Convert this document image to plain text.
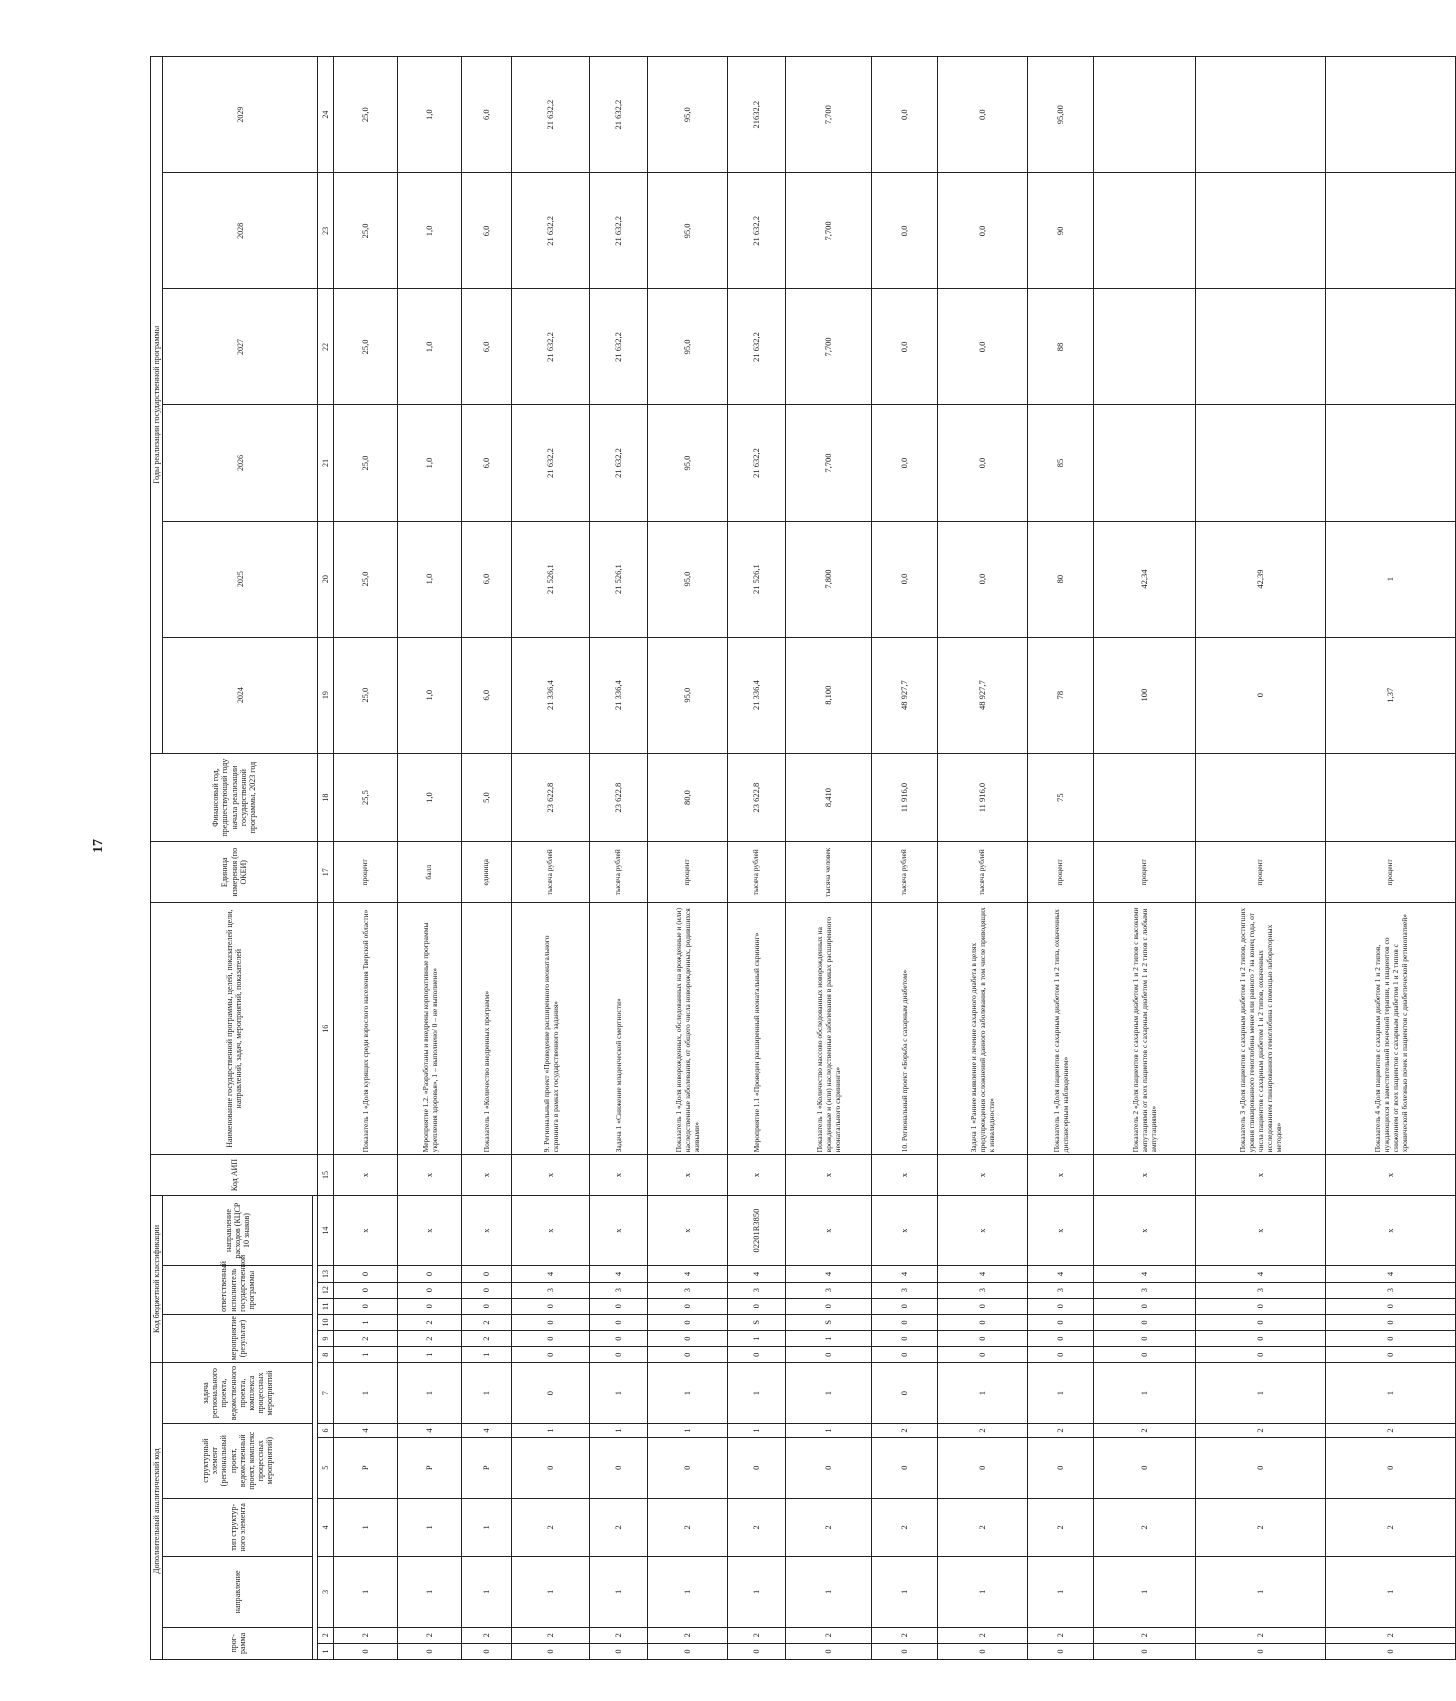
17
Дополнительный аналитический код							Код бюджетной классификации							Код АИП	Наименование государственной программы, целей, показателей цели, направлений, задач, мероприятий, показателей	Единица измерения (по ОКЕИ)	Финансовый год, предшествующий году начала реализации государственной программы, 2023 год	Годы реализации государственной программы					
прог-рамма		направление	тип структур-ного элемента	структурный элемент (региональный проект, ведомственный проект, комплекс процессных мероприятий)		задача регионального проекта, ведомственного проекта, комплекса процессных мероприятий	мероприятие (результат)			ответственный исполнитель государственной программы			направление расходов (КЦСР 10 знаков)					2024	2025	2026	2027	2028	2029

1	2	3	4	5	6	7	8	9	10	11	12	13	14	15	16	17	18	19	20	21	22	23	24
0	2	1	1	Р	4	1	1	2	1	0	0	0	x	x	Показатель 1 «Доля курящих среди взрослого населения Тверской области»	процент	25,5	25,0	25,0	25,0	25,0	25,0	25,0
0	2	1	1	Р	4	1	1	2	2	0	0	0	x	x	Мероприятие 1.2. «Разработаны и внедрены корпоративные программы укрепления здоровья», 1 – выполнено/ 0 – не выполнено»	балл	1,0	1,0	1,0	1,0	1,0	1,0	1,0
0	2	1	1	Р	4	1	1	2	2	0	0	0	x	x	Показатель 1 «Количество внедренных программ»	единица	5,0	6,0	6,0	6,0	6,0	6,0	6,0
0	2	1	2	0	1	0	0	0	0	0	3	4	x	x	9. Региональный проект «Проведение расширенного неонатального скрининга в рамках государственного задания»	тысяча рублей	23 622,8	21 336,4	21 526,1	21 632,2	21 632,2	21 632,2	21 632,2
0	2	1	2	0	1	1	0	0	0	0	3	4	x	x	Задача 1 «Снижение младенческой смертности»	тысяча рублей	23 622,8	21 336,4	21 526,1	21 632,2	21 632,2	21 632,2	21 632,2
0	2	1	2	0	1	1	0	0	0	0	3	4	x	x	Показатель 1 «Доля новорожденных, обследованных на врожденные и (или) наследственные заболевания, от общего числа новорожденных, родившихся живыми»	процент	80,0	95,0	95,0	95,0	95,0	95,0	95,0
0	2	1	2	0	1	1	0	1	S	0	3	4	02201R3850	x	Мероприятие 1.1 «Проведен расширенный неонатальный скрининг»	тысяча рублей	23 622,8	21 336,4	21 526,1	21 632,2	21 632,2	21 632,2	21632,2
0	2	1	2	0	1	1	0	1	S	0	3	4	x	x	Показатель 1 «Количество массово обследованных новорожденных на врожденные и (или) наследственные заболевания в рамках расширенного неонатального скрининга»	тысяча человек	8,410	8,100	7,800	7,700	7,700	7,700	7,700
0	2	1	2	0	2	0	0	0	0	0	3	4	x	x	10. Региональный проект «Борьба с сахарным диабетом»	тысяча рублей	11 916,0	48 927,7	0,0	0,0	0,0	0,0	0,0
0	2	1	2	0	2	1	0	0	0	0	3	4	x	x	Задача 1 «Раннее выявление и лечение сахарного диабета в целях предупреждения осложнений данного заболевания, в том числе приводящих к инвалидности»	тысяча рублей	11 916,0	48 927,7	0,0	0,0	0,0	0,0	0,0
0	2	1	2	0	2	1	0	0	0	0	3	4	x	x	Показатель 1 «Доля пациентов с сахарным диабетом 1 и 2 типа, охваченных диспансерным наблюдением»	процент	75	78	80	85	88	90	95,00
0	2	1	2	0	2	1	0	0	0	0	3	4	x	x	Показатель 2 «Доля пациентов с сахарным диабетом 1 и 2 типов с высокими ампутациями от всех пациентов с сахарным диабетом 1 и 2 типов с любыми ампутациями»	процент		100	42,34				
0	2	1	2	0	2	1	0	0	0	0	3	4	x	x	Показатель 3 «Доля пациентов с сахарным диабетом 1 и 2 типов, достигших уровня гликированного гемоглобина менее или равного 7 на конец года, от числа пациентов с сахарным диабетом 1 и 2 типов, охваченных исследованием гликированного гемоглобина с помощью лабораторных методов»	процент		0	42,39				
0	2	1	2	0	2	1	0	0	0	0	3	4	x	x	Показатель 4 «Доля пациентов с сахарным диабетом 1 и 2 типов, нуждающихся в заместительной почечной терапии, и пациентов со снижением от всех пациентов с сахарным диабетом 1 и 2 типов с хронической болезнью почек и пациентов с диабетической ретинопатией»	процент		1,37	1				
